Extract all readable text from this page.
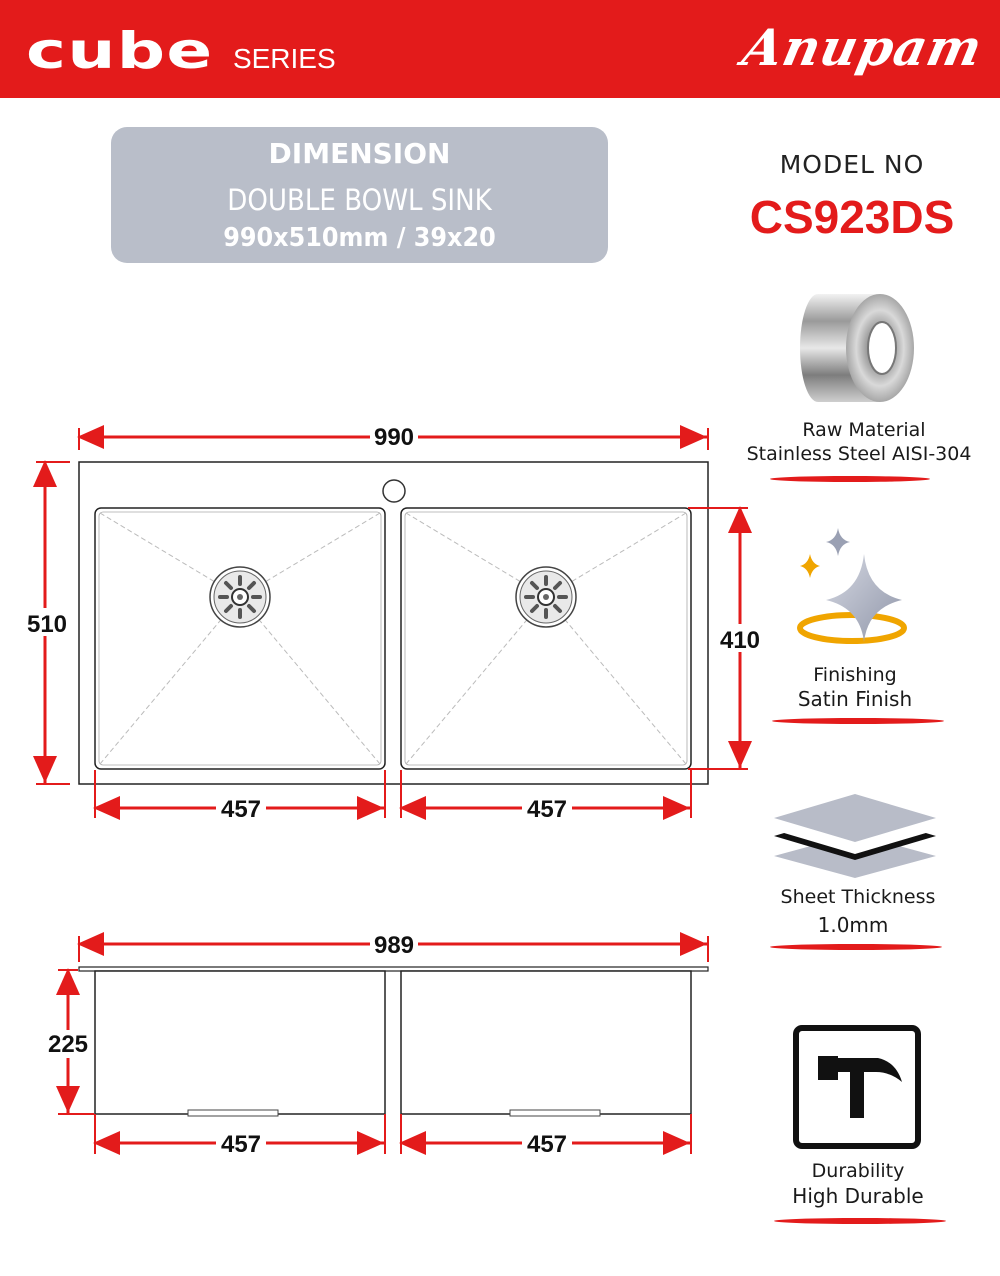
cube SERIES	Anupam
DIMENSION
DOUBLE BOWL SINK
990x510mm / 39x20
MODEL NO
CS923DS
Raw Material
Stainless Steel AISI-304
Finishing
Satin Finish
Sheet Thickness
1.0mm
Durability
High Durable
990
510
410
457	457
989
225
457	457
